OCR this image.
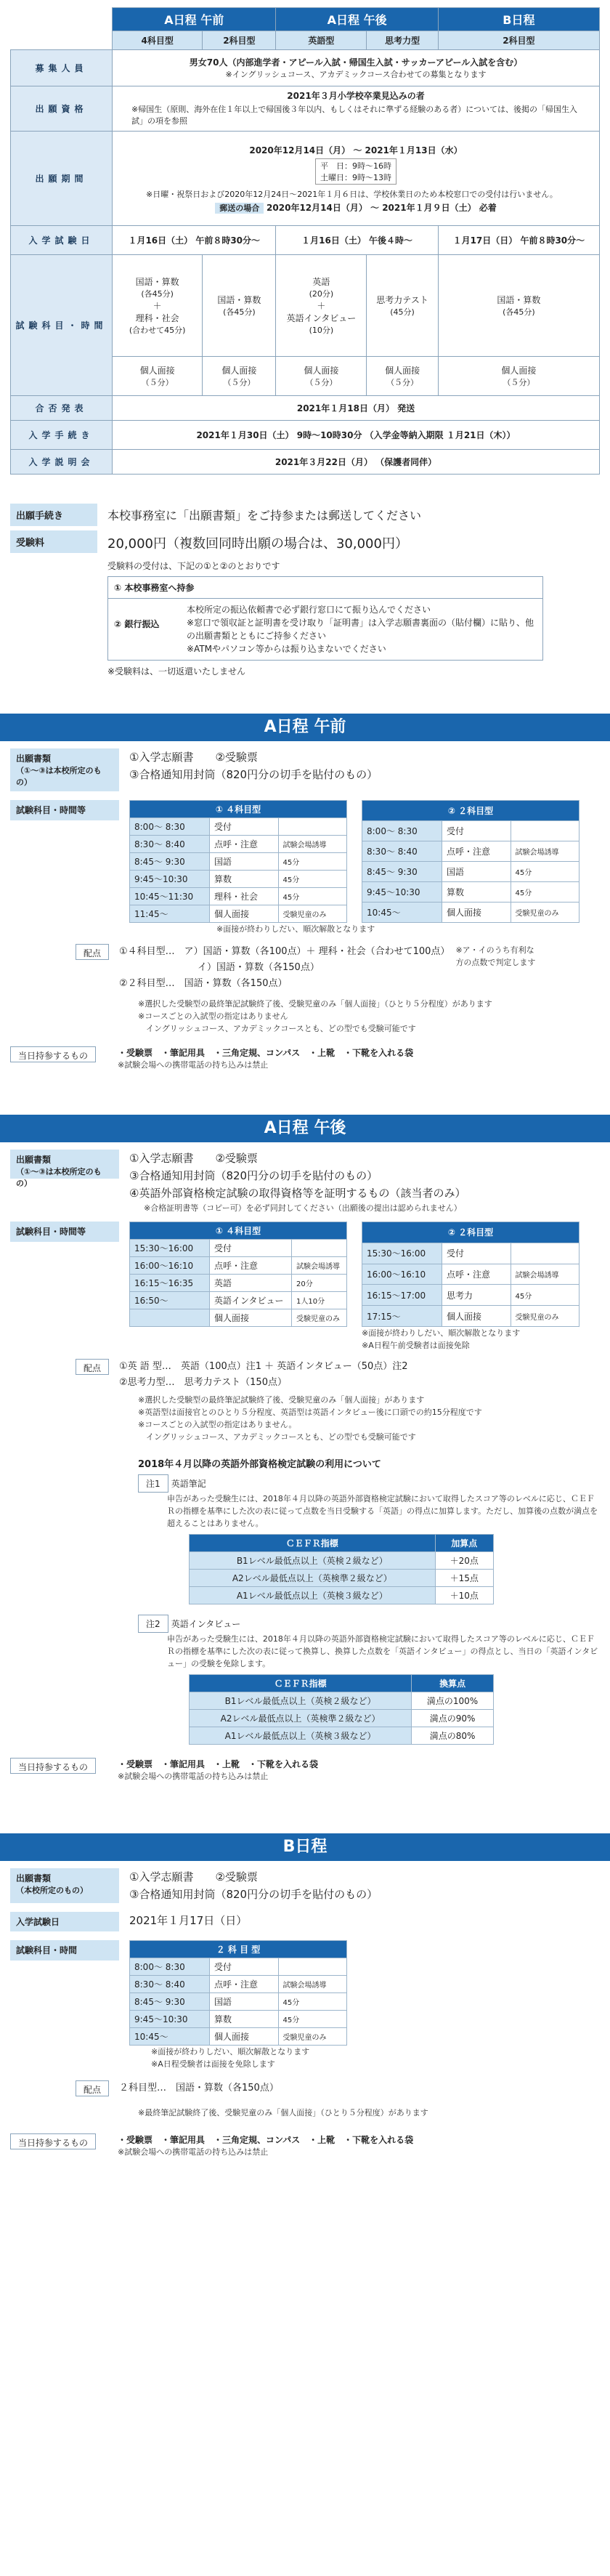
	A日程 午前		A日程 午後		B日程
	4科目型	2科目型	英語型	思考力型	2科目型
募集人員	男女70人（内部進学者・アピール入試・帰国生入試・サッカーアピール入試を含む）
※イングリッシュコース、アカデミックコース合わせての募集となります				
出願資格	2021年３月小学校卒業見込みの者

※帰国生（原則、海外在住１年以上で帰国後３年以内、もしくはそれに準ずる経験のある者）については、後掲の「帰国生入試」の項を参照				

出願期間	2020年12月14日（月） ～ 2021年１月13日（水）
平　日：9時～16時
土曜日：9時～13時

※日曜・祝祭日および2020年12月24日～2021年１月６日は、学校休業日のため本校窓口での受付は行いません。
郵送の場合 2020年12月14日（月） ～ 2021年１月９日（土） 必着				
入学試験日	１月16日（土） 午前８時30分～		１月16日（土） 午後４時～		１月17日（日） 午前８時30分～
試験科目・時間	国語・算数
(各45分)
＋
理科・社会
(合わせて45分)	国語・算数
(各45分)	英語
(20分)
＋
英語インタビュー
(10分)	思考力テスト
(45分)	国語・算数
(各45分)
	個人面接
（５分）	個人面接
（５分）	個人面接
（５分）	個人面接
（５分）	個人面接
（５分）
合否発表	2021年１月18日（月） 発送				
入学手続き	2021年１月30日（土） 9時～10時30分 （入学金等納入期限 １月21日（木））				
入学説明会	2021年３月22日（月） （保護者同伴）				
出願手続き	本校事務室に「出願書類」をご持参または郵送してください
受験料	20,000円（複数回同時出願の場合は、30,000円）
受験料の受付は、下記の①と②のとおりです
① 本校事務室へ持参
② 銀行振込
本校所定の振込依頼書で必ず銀行窓口にて振り込んでください
※窓口で領収証と証明書を受け取り「証明書」は入学志願書裏面の（貼付欄）に貼り、他の出願書類とともにご持参ください
※ATMやパソコン等からは振り込まないでください
※受験料は、一切返還いたしません
A日程 午前
出願書類
（①～③は本校所定のもの）
①入学志願書　　②受験票
③合格通知用封筒（820円分の切手を貼付のもの）
試験科目・時間等	① ４科目型		
8:00～ 8:30	受付	
8:30～ 8:40	点呼・注意	試験会場誘導
8:45～ 9:30	国語	45分
9:45～10:30	算数	45分
10:45～11:30	理科・社会	45分
11:45～	個人面接	受験児童のみ
② ２科目型		
8:00～ 8:30	受付	
8:30～ 8:40	点呼・注意	試験会場誘導
8:45～ 9:30	国語	45分
9:45～10:30	算数	45分
10:45～	個人面接	受験児童のみ
※面接が終わりしだい、順次解散となります
配点	①４科目型…　ア）国語・算数（各100点）＋ 理科・社会（合わせて100点）
イ）国語・算数（各150点）
②２科目型…　国語・算数（各150点）
※ア・イのうち有利な方の点数で判定します
※選択した受験型の最終筆記試験終了後、受験児童のみ「個人面接」（ひとり５分程度）があります
※コースごとの入試型の指定はありません
　イングリッシュコース、アカデミックコースとも、どの型でも受験可能です
当日持参するもの	・受験票　・筆記用具　・三角定規、コンパス　・上靴　・下靴を入れる袋
※試験会場への携帯電話の持ち込みは禁止
A日程 午後
出願書類
（①～③は本校所定のもの）
①入学志願書　　②受験票
③合格通知用封筒（820円分の切手を貼付のもの）
④英語外部資格検定試験の取得資格等を証明するもの（該当者のみ）
※合格証明書等（コピー可）を必ず同封してください（出願後の提出は認められません）
試験科目・時間等	① ４科目型		
15:30～16:00	受付	
16:00～16:10	点呼・注意	試験会場誘導
16:15～16:35	英語	20分
16:50～	英語インタビュー	1人10分
	個人面接	受験児童のみ
② ２科目型		
15:30～16:00	受付	
16:00～16:10	点呼・注意	試験会場誘導
16:15～17:00	思考力	45分
17:15～	個人面接	受験児童のみ
※面接が終わりしだい、順次解散となります
※A日程午前受験者は面接免除
配点	①英 語 型…　英語（100点）注1 ＋ 英語インタビュー（50点）注2
②思考力型…　思考力テスト（150点）
※選択した受験型の最終筆記試験終了後、受験児童のみ「個人面接」があります
※英語型は面接官とのひとり５分程度、英語型は英語インタビュー後に口頭での約15分程度です
※コースごとの入試型の指定はありません。
　イングリッシュコース、アカデミックコースとも、どの型でも受験可能です
2018年４月以降の英語外部資格検定試験の利用について
注1 英語筆記
申告があった受験生には、2018年４月以降の英語外部資格検定試験において取得したスコア等のレベルに応じ、ＣＥＦＲの指標を基準にした次の表に従って点数を当日受験する「英語」の得点に加算します。ただし、加算後の点数が満点を超えることはありません。
ＣＥＦＲ指標	加算点
B1レベル最低点以上（英検２級など）	＋20点
A2レベル最低点以上（英検準２級など）	＋15点
A1レベル最低点以上（英検３級など）	＋10点
注2 英語インタビュー
申告があった受験生には、2018年４月以降の英語外部資格検定試験において取得したスコア等のレベルに応じ、ＣＥＦＲの指標を基準にした次の表に従って換算し、換算した点数を「英語インタビュー」の得点とし、当日の「英語インタビュー」の受験を免除します。
ＣＥＦＲ指標	換算点
B1レベル最低点以上（英検２級など）	満点の100%
A2レベル最低点以上（英検準２級など）	満点の90%
A1レベル最低点以上（英検３級など）	満点の80%
当日持参するもの	・受験票　・筆記用具　・上靴　・下靴を入れる袋
※試験会場への携帯電話の持ち込みは禁止
B日程
出願書類
（本校所定のもの）
①入学志願書　　②受験票
③合格通知用封筒（820円分の切手を貼付のもの）
入学試験日	2021年１月17日（日）
試験科目・時間	２ 科 目 型		
8:00～ 8:30	受付	
8:30～ 8:40	点呼・注意	試験会場誘導
8:45～ 9:30	国語	45分
9:45～10:30	算数	45分
10:45～	個人面接	受験児童のみ
※面接が終わりしだい、順次解散となります
※A日程受験者は面接を免除します
配点	２科目型…　国語・算数（各150点）
※最終筆記試験終了後、受験児童のみ「個人面接」（ひとり５分程度）があります
当日持参するもの	・受験票　・筆記用具　・三角定規、コンパス　・上靴　・下靴を入れる袋
※試験会場への携帯電話の持ち込みは禁止
